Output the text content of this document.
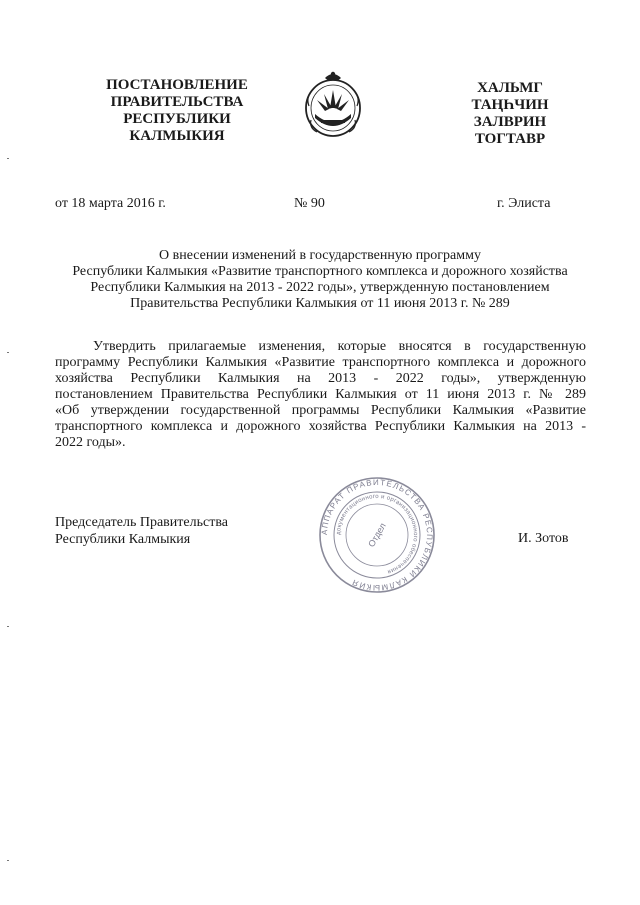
ПОСТАНОВЛЕНИЕ
ПРАВИТЕЛЬСТВА
РЕСПУБЛИКИ
КАЛМЫКИЯ
ХАЛЬМГ
ТАҢҺЧИН
ЗАЛВРИН
ТОГТАВР
от 18 марта 2016 г.	№ 90	г. Элиста
О внесении изменений в государственную программу
Республики Калмыкия «Развитие транспортного комплекса и дорожного хозяйства
Республики Калмыкия на 2013 - 2022 годы», утвержденную постановлением
Правительства Республики Калмыкия от 11 июня 2013 г. № 289
Утвердить прилагаемые изменения, которые вносятся в государственную
программу Республики Калмыкия «Развитие транспортного комплекса и дорожного
хозяйства Республики Калмыкия на 2013 - 2022 годы», утвержденную
постановлением Правительства Республики Калмыкия от 11 июня 2013 г. № 289
«Об утверждении государственной программы Республики Калмыкия «Развитие
транспортного комплекса и дорожного хозяйства Республики Калмыкия на 2013 -
2022 годы».
Председатель Правительства
Республики Калмыкия
АППАРАТ ПРАВИТЕЛЬСТВА РЕСПУБЛИКИ КАЛМЫКИЯ
документационного и организационного обеспечения
Отдел	И. Зотов
